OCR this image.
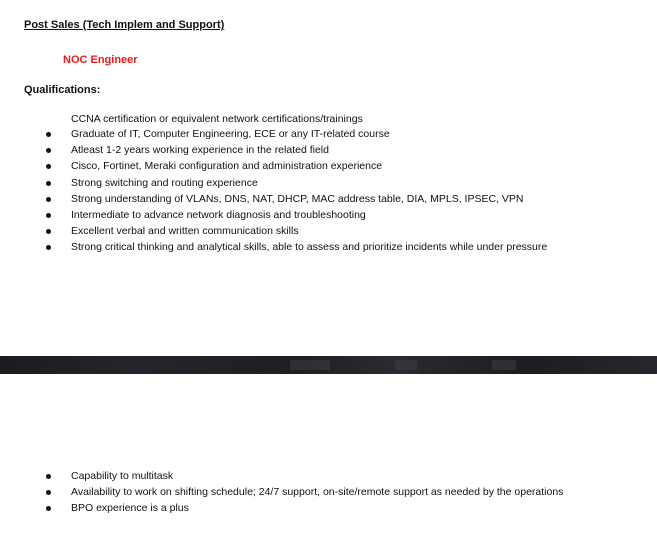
Post Sales (Tech Implem and Support)

NOC Engineer

Qualifications:

CCNA certification or equivalent network certifications/trainings

Graduate of IT, Computer Engineering, ECE or any IT-related course
Atleast 1-2 years working experience in the related field
Cisco, Fortinet, Meraki configuration and administration experience
Strong switching and routing experience
Strong understanding of VLANs, DNS, NAT, DHCP, MAC address table, DIA, MPLS, IPSEC, VPN
Intermediate to advance network diagnosis and troubleshooting
Excellent verbal and written communication skills
Strong critical thinking and analytical skills, able to assess and prioritize incidents while under pressure
Capability to multitask
Availability to work on shifting schedule; 24/7 support, on-site/remote support as needed by the operations
BPO experience is a plus
